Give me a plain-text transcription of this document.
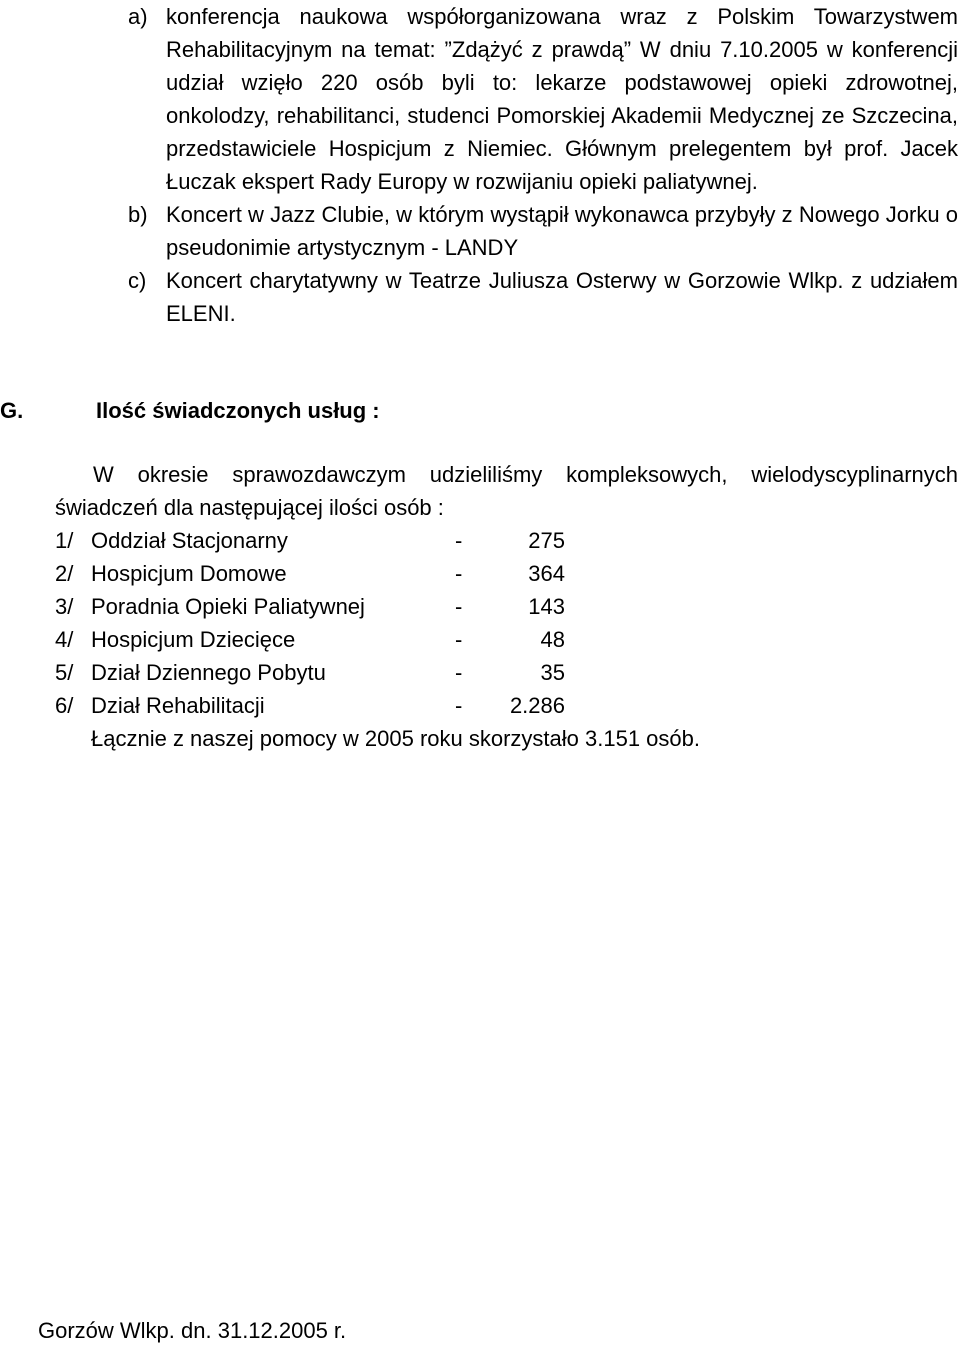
a) konferencja naukowa współorganizowana wraz z Polskim Towarzystwem Rehabilitacyjnym na temat: ”Zdążyć z prawdą” W dniu 7.10.2005 w konferencji udział wzięło 220 osób byli to: lekarze podstawowej opieki zdrowotnej, onkolodzy, rehabilitanci, studenci Pomorskiej Akademii Medycznej ze Szczecina, przedstawiciele Hospicjum z Niemiec. Głównym prelegentem był prof. Jacek Łuczak ekspert Rady Europy w rozwijaniu opieki paliatywnej.
b) Koncert w Jazz Clubie, w którym wystąpił wykonawca przybyły z Nowego Jorku o pseudonimie artystycznym - LANDY
c) Koncert charytatywny w Teatrze Juliusza Osterwy w Gorzowie Wlkp. z udziałem ELENI.
G.	Ilość świadczonych usług :
W okresie sprawozdawczym udzieliliśmy kompleksowych, wielodyscyplinarnych świadczeń dla następującej ilości osób :
1/ Oddział Stacjonarny	-	275
2/ Hospicjum Domowe	-	364
3/ Poradnia Opieki Paliatywnej	-	143
4/ Hospicjum Dziecięce	-	48
5/ Dział Dziennego Pobytu	-	35
6/ Dział Rehabilitacji	-	2.286
Łącznie z naszej pomocy w 2005 roku skorzystało 3.151 osób.
Gorzów Wlkp. dn. 31.12.2005 r.
